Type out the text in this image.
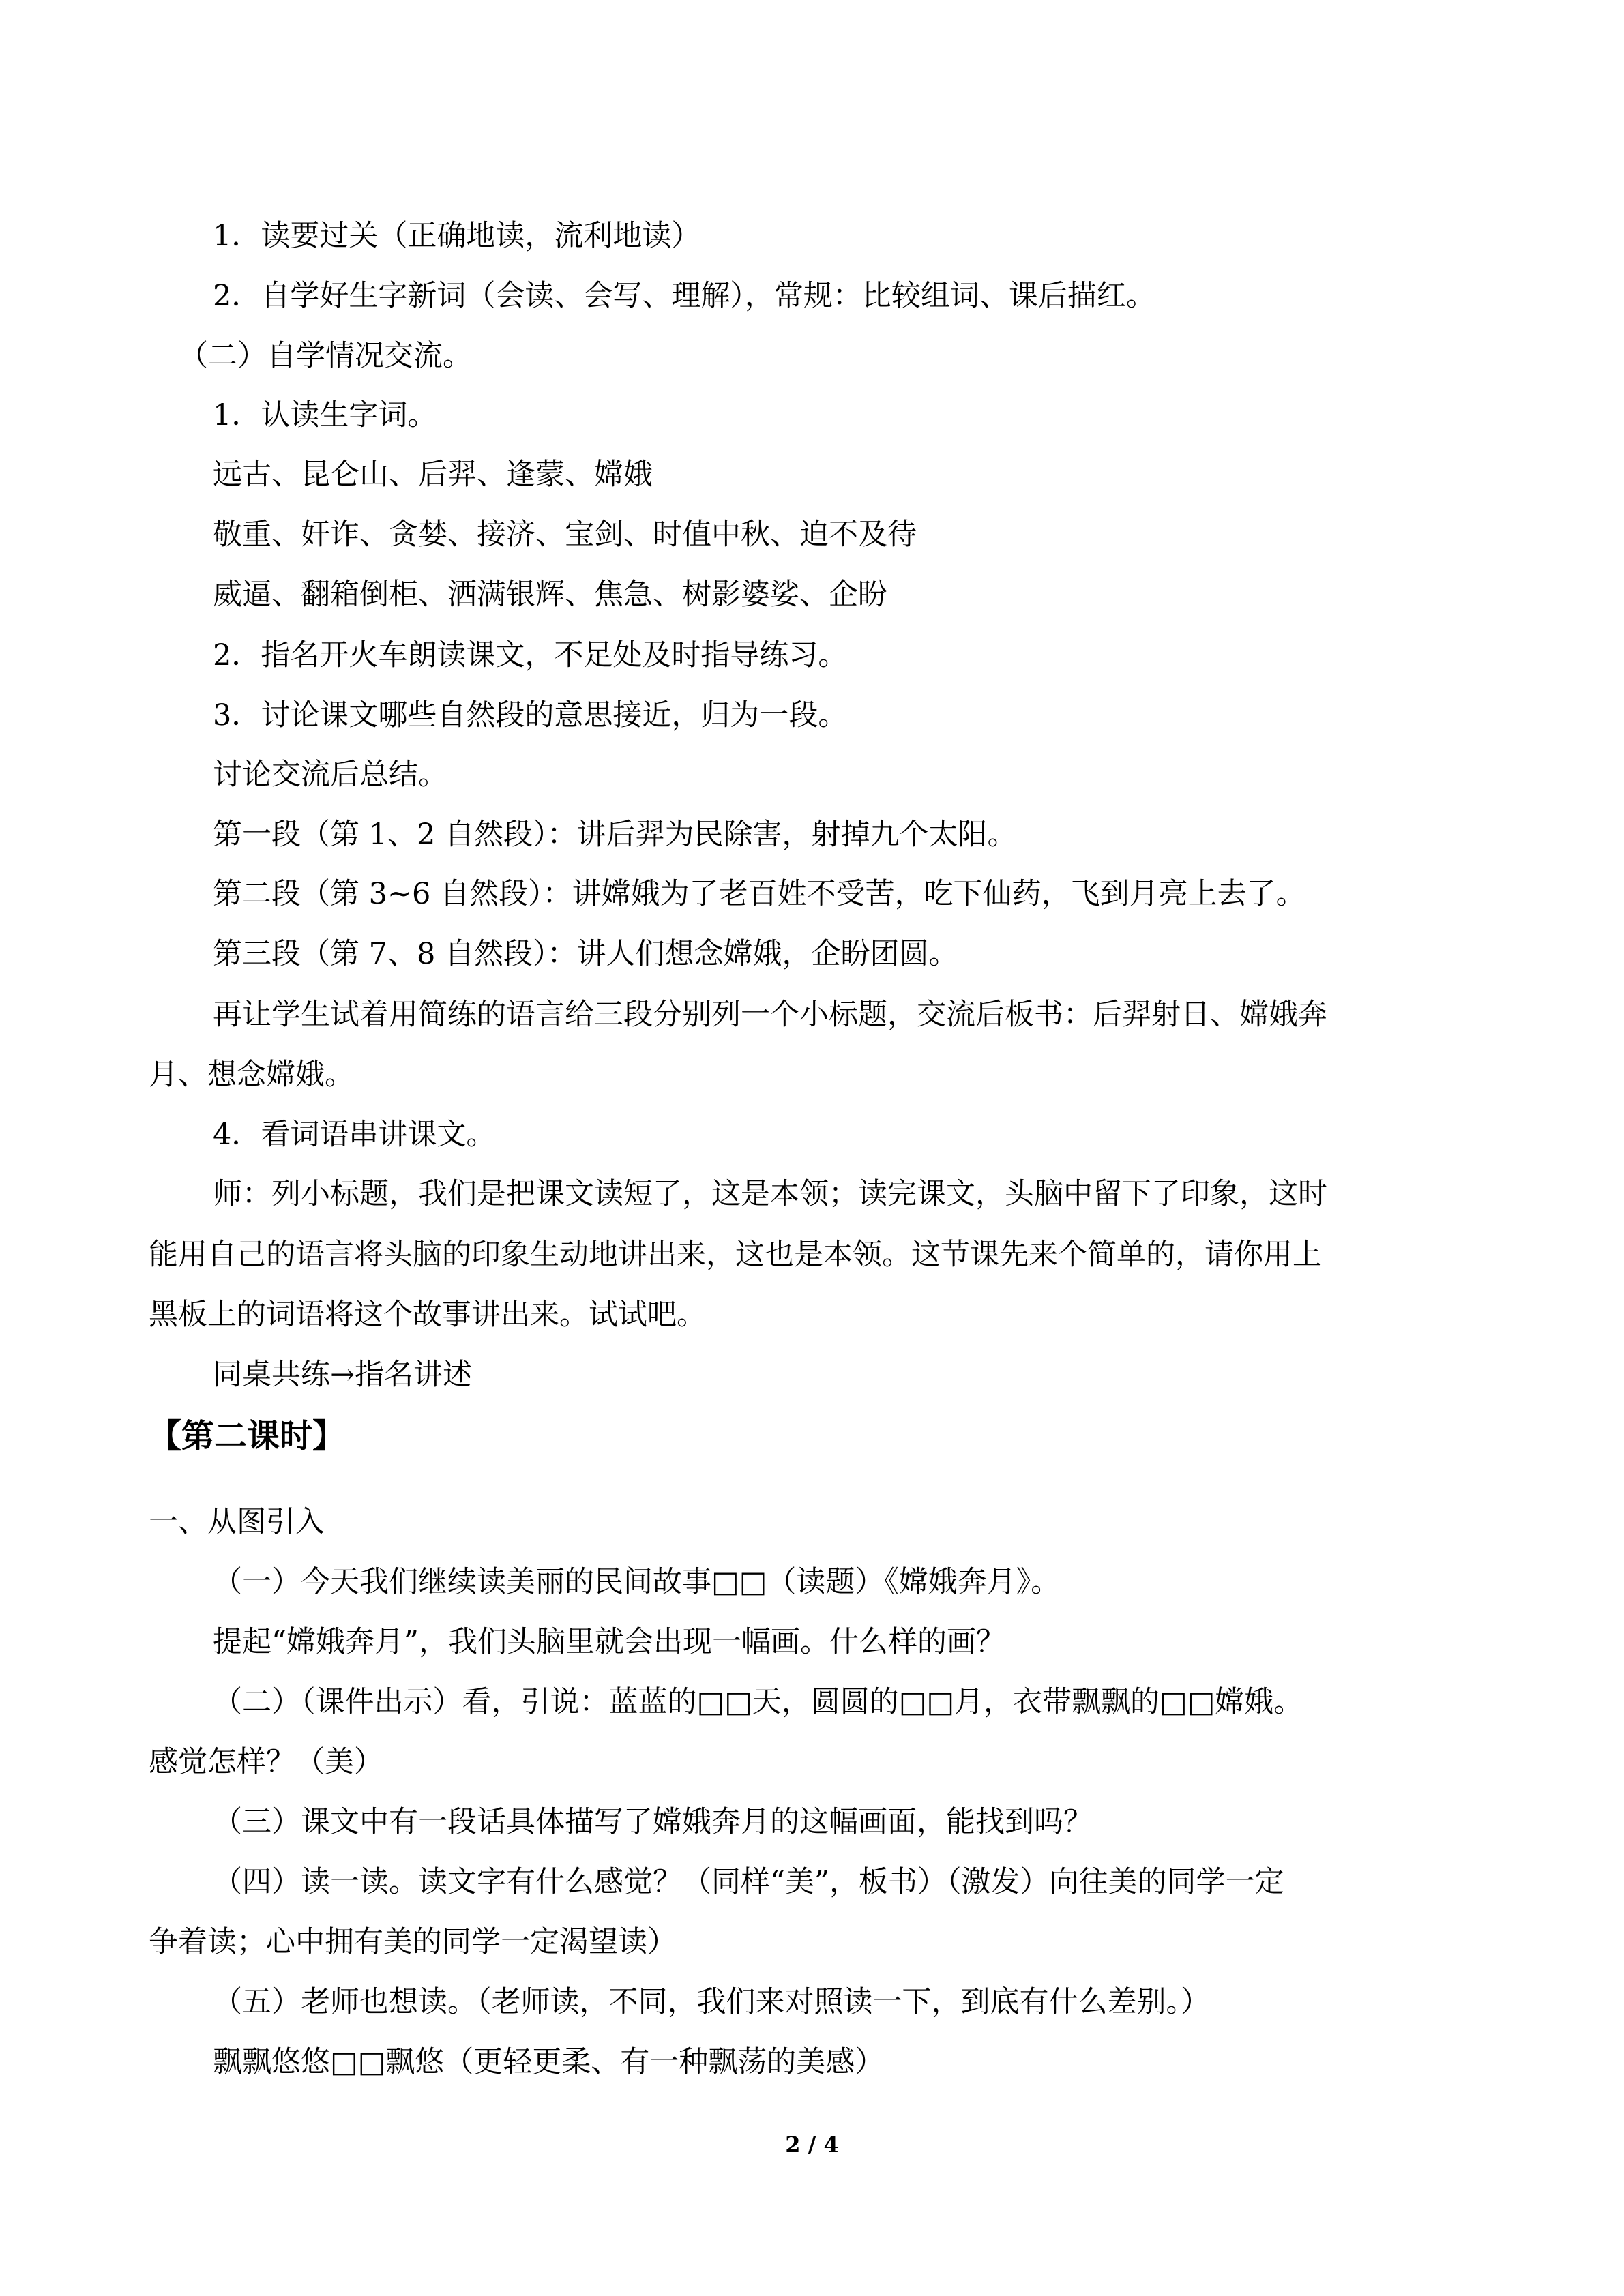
1．读要过关（正确地读，流利地读）
2．自学好生字新词（会读、会写、理解），常规：比较组词、课后描红。
（二）自学情况交流。
1．认读生字词。
远古、昆仑山、后羿、逢蒙、嫦娥
敬重、奸诈、贪婪、接济、宝剑、时值中秋、迫不及待
威逼、翻箱倒柜、洒满银辉、焦急、树影婆娑、企盼
2．指名开火车朗读课文，不足处及时指导练习。
3．讨论课文哪些自然段的意思接近，归为一段。
讨论交流后总结。
第一段（第 1、2 自然段）：讲后羿为民除害，射掉九个太阳。
第二段（第 3~6 自然段）：讲嫦娥为了老百姓不受苦，吃下仙药，飞到月亮上去了。
第三段（第 7、8 自然段）：讲人们想念嫦娥，企盼团圆。
再让学生试着用简练的语言给三段分别列一个小标题，交流后板书：后羿射日、嫦娥奔
月、想念嫦娥。
4．看词语串讲课文。
师：列小标题，我们是把课文读短了，这是本领；读完课文，头脑中留下了印象，这时
能用自己的语言将头脑的印象生动地讲出来，这也是本领。这节课先来个简单的，请你用上
黑板上的词语将这个故事讲出来。试试吧。
同桌共练→指名讲述
【第二课时】
一、从图引入
（一）今天我们继续读美丽的民间故事□□（读题）《嫦娥奔月》。
提起“嫦娥奔月”，我们头脑里就会出现一幅画。什么样的画？
（二）（课件出示）看，引说：蓝蓝的□□天，圆圆的□□月，衣带飘飘的□□嫦娥。
感觉怎样？（美）
（三）课文中有一段话具体描写了嫦娥奔月的这幅画面，能找到吗？
（四）读一读。读文字有什么感觉？（同样“美”，板书）（激发）向往美的同学一定
争着读；心中拥有美的同学一定渴望读）
（五）老师也想读。（老师读，不同，我们来对照读一下，到底有什么差别。）
飘飘悠悠□□飘悠（更轻更柔、有一种飘荡的美感）
2 / 4
